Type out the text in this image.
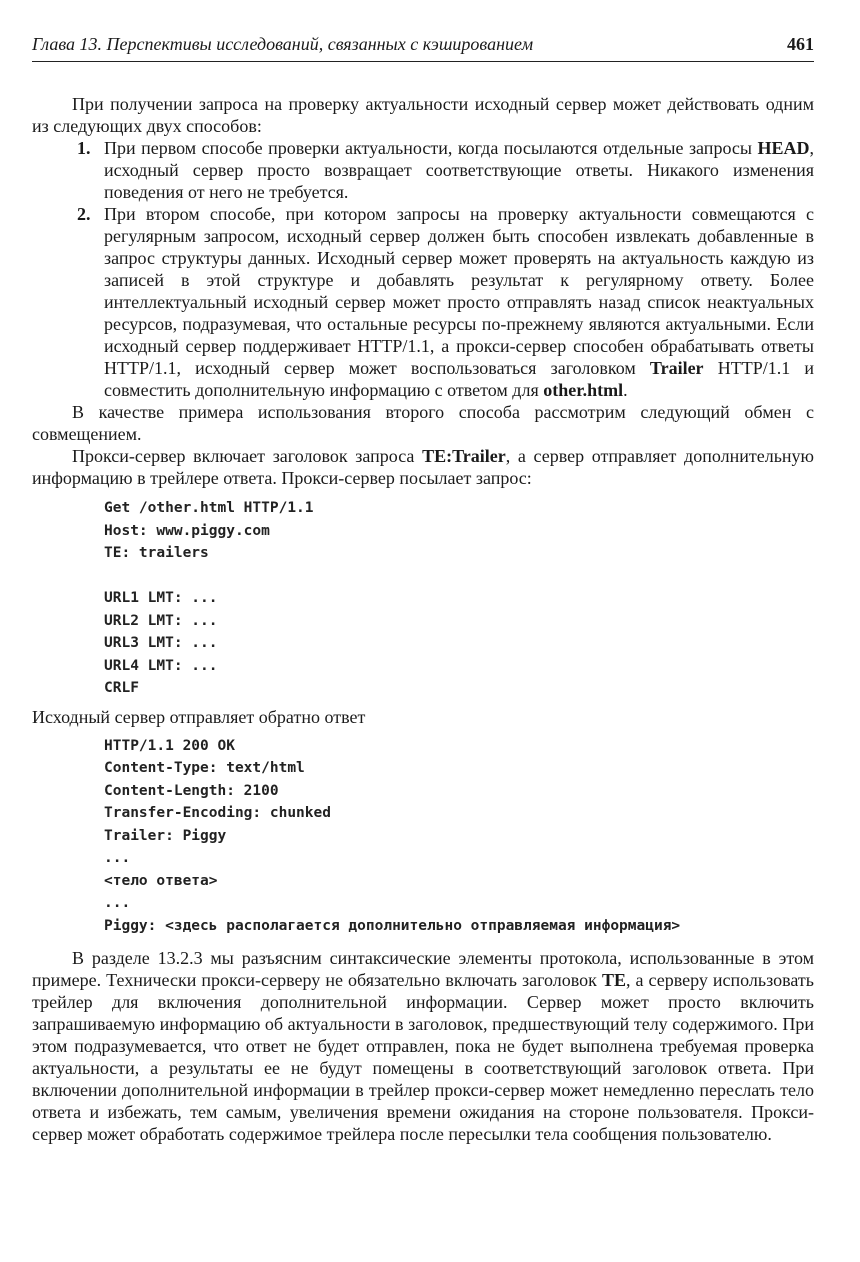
Глава 13. Перспективы исследований, связанных с кэшированием	461

При получении запроса на проверку актуальности исходный сервер может действовать одним из следующих двух способов:

1. При первом способе проверки актуальности, когда посылаются отдельные запросы HEAD, исходный сервер просто возвращает соответствующие ответы. Никакого изменения поведения от него не требуется.

2. При втором способе, при котором запросы на проверку актуальности совмещаются с регулярным запросом, исходный сервер должен быть способен извлекать добавленные в запрос структуры данных. Исходный сервер может проверять на актуальность каждую из записей в этой структуре и добавлять результат к регулярному ответу. Более интеллектуальный исходный сервер может просто отправлять назад список неактуальных ресурсов, подразумевая, что остальные ресурсы по-прежнему являются актуальными. Если исходный сервер поддерживает HTTP/1.1, а прокси-сервер способен обрабатывать ответы HTTP/1.1, исходный сервер может воспользоваться заголовком Trailer HTTP/1.1 и совместить дополнительную информацию с ответом для other.html.

В качестве примера использования второго способа рассмотрим следующий обмен с совмещением.

Прокси-сервер включает заголовок запроса TE:Trailer, а сервер отправляет дополнительную информацию в трейлере ответа. Прокси-сервер посылает запрос:

Get /other.html HTTP/1.1
Host: www.piggy.com
TE: trailers

URL1 LMT: ...
URL2 LMT: ...
URL3 LMT: ...
URL4 LMT: ...
CRLF

Исходный сервер отправляет обратно ответ

HTTP/1.1 200 OK
Content-Type: text/html
Content-Length: 2100
Transfer-Encoding: chunked
Trailer: Piggy
...
<тело ответа>
...
Piggy: <здесь располагается дополнительно отправляемая информация>

В разделе 13.2.3 мы разъясним синтаксические элементы протокола, использованные в этом примере. Технически прокси-серверу не обязательно включать заголовок TE, а серверу использовать трейлер для включения дополнительной информации. Сервер может просто включить запрашиваемую информацию об актуальности в заголовок, предшествующий телу содержимого. При этом подразумевается, что ответ не будет отправлен, пока не будет выполнена требуемая проверка актуальности, а результаты ее не будут помещены в соответствующий заголовок ответа. При включении дополнительной информации в трейлер прокси-сервер может немедленно переслать тело ответа и избежать, тем самым, увеличения времени ожидания на стороне пользователя. Прокси-сервер может обработать содержимое трейлера после пересылки тела сообщения пользователю.
